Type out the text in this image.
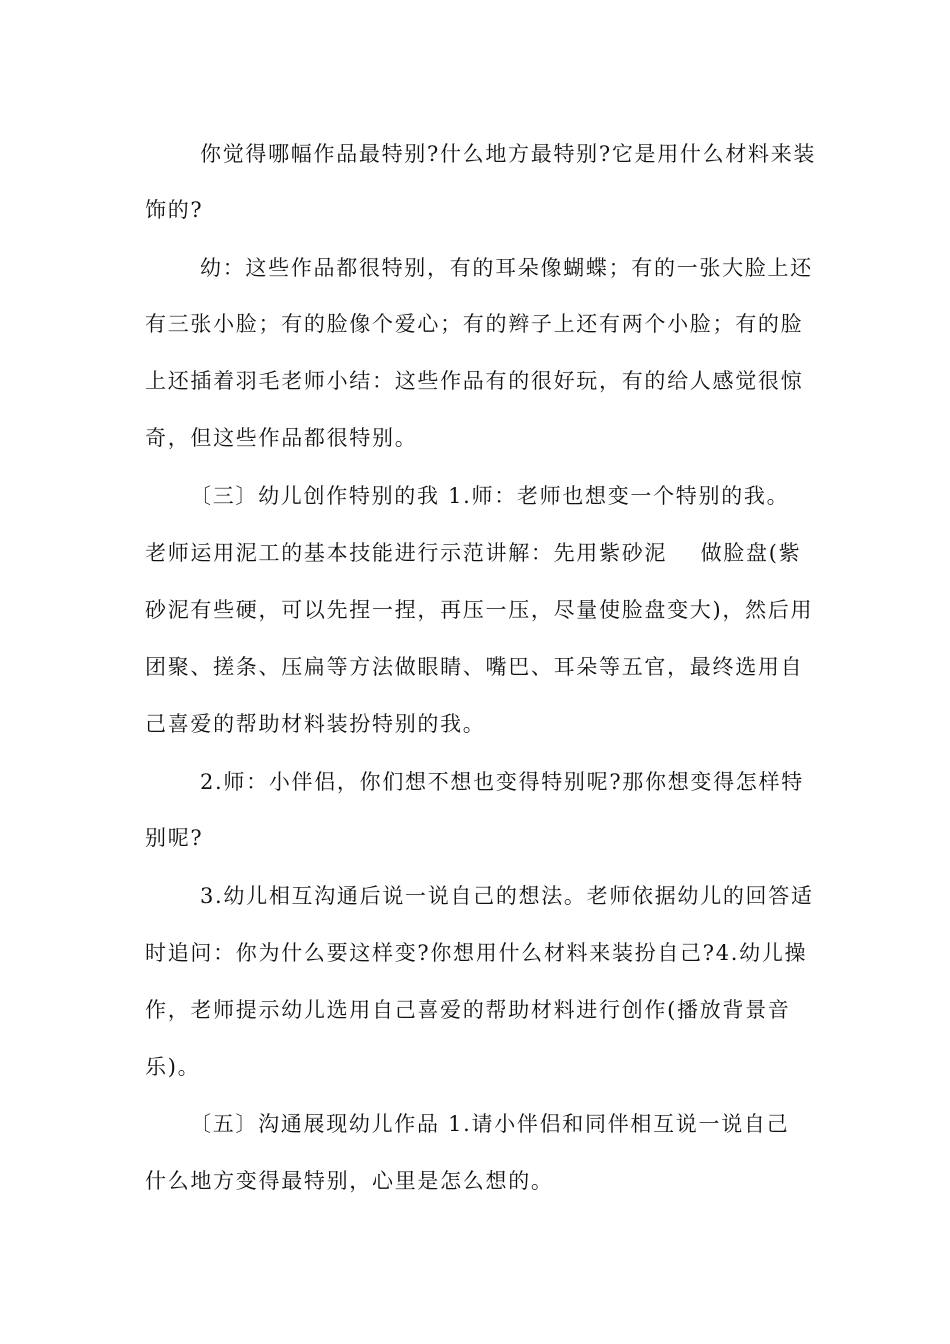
你觉得哪幅作品最特别?什么地方最特别?它是用什么材料来装
饰的?
幼：这些作品都很特别，有的耳朵像蝴蝶；有的一张大脸上还
有三张小脸；有的脸像个爱心；有的辫子上还有两个小脸；有的脸
上还插着羽毛老师小结：这些作品有的很好玩，有的给人感觉很惊
奇，但这些作品都很特别。
〔三〕幼儿创作特别的我 1.师：老师也想变一个特别的我。
老师运用泥工的基本技能进行示范讲解：先用紫砂泥    做脸盘(紫
砂泥有些硬，可以先捏一捏，再压一压，尽量使脸盘变大)，然后用
团聚、搓条、压扁等方法做眼睛、嘴巴、耳朵等五官，最终选用自
己喜爱的帮助材料装扮特别的我。
2.师：小伴侣，你们想不想也变得特别呢?那你想变得怎样特
别呢?
3.幼儿相互沟通后说一说自己的想法。老师依据幼儿的回答适
时追问：你为什么要这样变?你想用什么材料来装扮自己?4.幼儿操
作，老师提示幼儿选用自己喜爱的帮助材料进行创作(播放背景音
乐)。
〔五〕沟通展现幼儿作品 1.请小伴侣和同伴相互说一说自己
什么地方变得最特别，心里是怎么想的。
